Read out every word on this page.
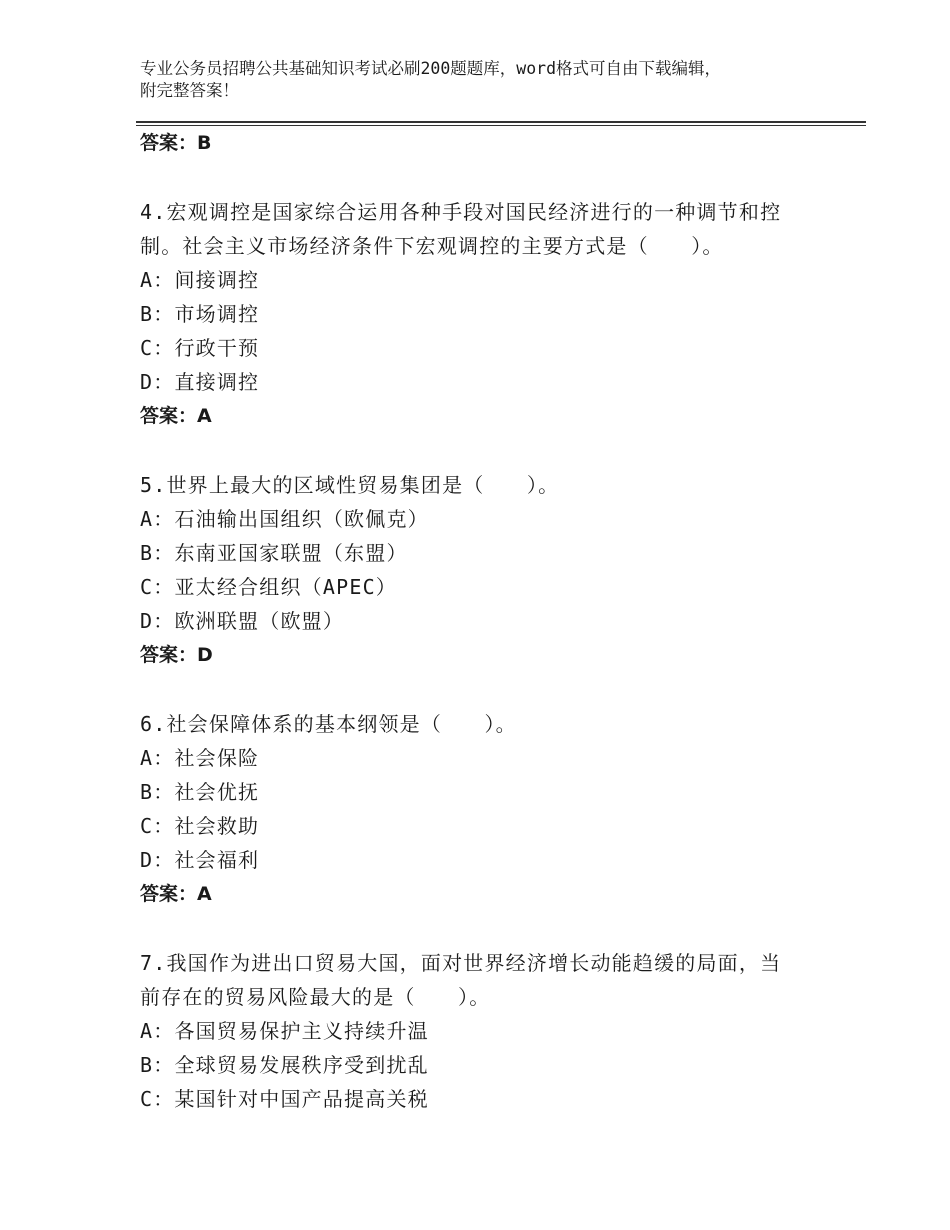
专业公务员招聘公共基础知识考试必刷200题题库，word格式可自由下载编辑，
附完整答案！
答案：B
4.宏观调控是国家综合运用各种手段对国民经济进行的一种调节和控
制。社会主义市场经济条件下宏观调控的主要方式是（　　）。
A：间接调控
B：市场调控
C：行政干预
D：直接调控
答案：A
5.世界上最大的区域性贸易集团是（　　）。
A：石油输出国组织（欧佩克）
B：东南亚国家联盟（东盟）
C：亚太经合组织（APEC）
D：欧洲联盟（欧盟）
答案：D
6.社会保障体系的基本纲领是（　　）。
A：社会保险
B：社会优抚
C：社会救助
D：社会福利
答案：A
7.我国作为进出口贸易大国，面对世界经济增长动能趋缓的局面，当
前存在的贸易风险最大的是（　　）。
A：各国贸易保护主义持续升温
B：全球贸易发展秩序受到扰乱
C：某国针对中国产品提高关税
